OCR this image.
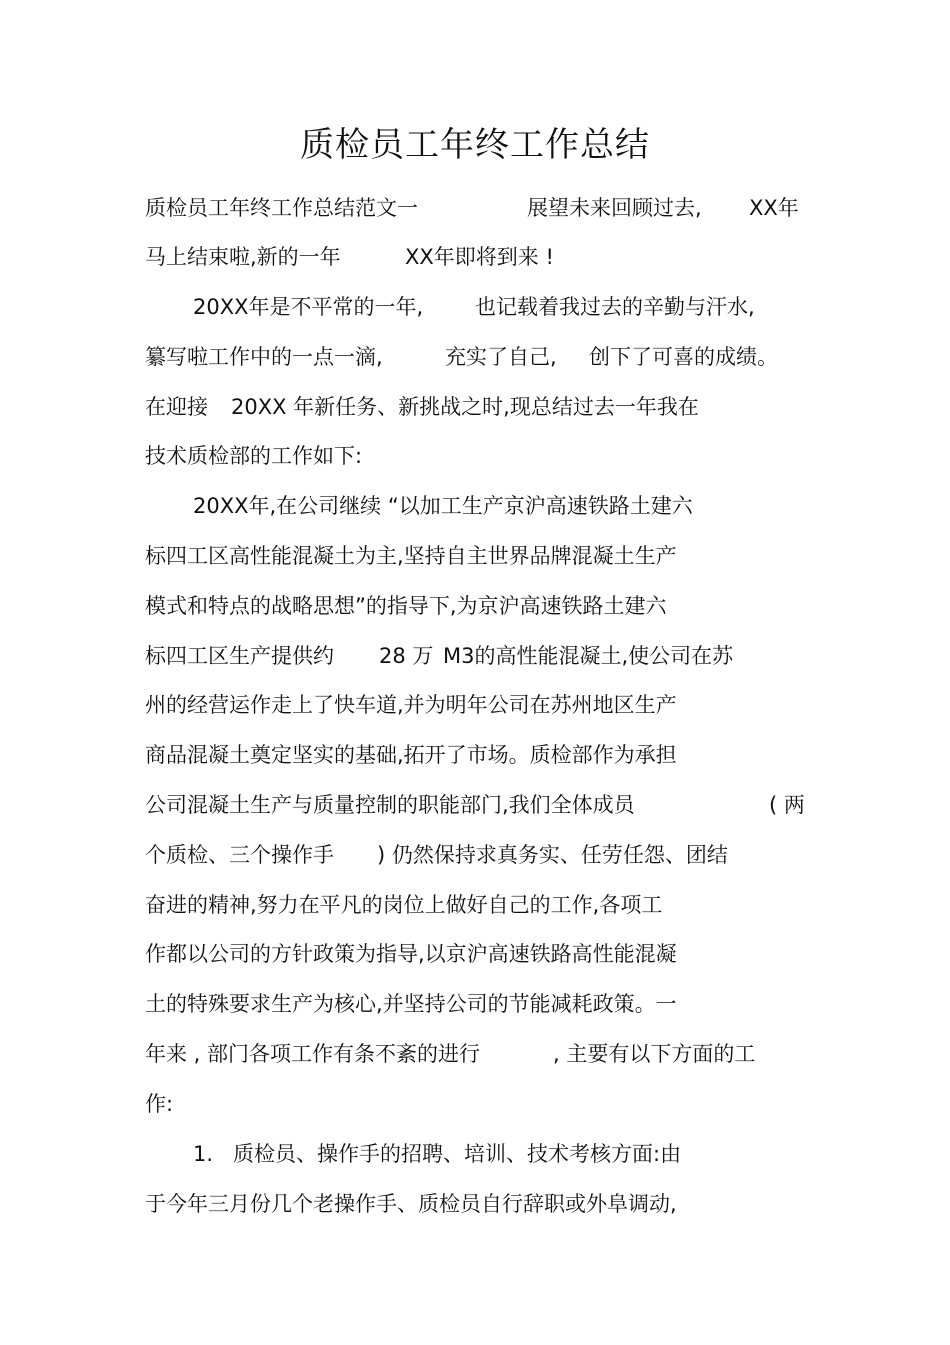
质检员工年终工作总结
质检员工年终工作总结范文一	展望未来回顾过去, XX年
马上结束啦,新的一年	XX年即将到来 !
20XX年是不平常的一年, 也记载着我过去的辛勤与汗水,
纂写啦工作中的一点一滴,	充实了自己, 创下了可喜的成绩。
在迎接 20XX 年新任务、新挑战之时,现总结过去一年我在
技术质检部的工作如下:
20XX年,在公司继续 “以加工生产京沪高速铁路土建六
标四工区高性能混凝土为主,坚持自主世界品牌混凝土生产
模式和特点的战略思想”的指导下,为京沪高速铁路土建六
标四工区生产提供约 28 万 M3的高性能混凝土,使公司在苏
州的经营运作走上了快车道,并为明年公司在苏州地区生产
商品混凝土奠定坚实的基础,拓开了市场。质检部作为承担
公司混凝土生产与质量控制的职能部门,我们全体成员	( 两
个质检、三个操作手 ) 仍然保持求真务实、任劳任怨、团结
奋进的精神,努力在平凡的岗位上做好自己的工作,各项工
作都以公司的方针政策为指导,以京沪高速铁路高性能混凝
土的特殊要求生产为核心,并坚持公司的节能减耗政策。一
年来 , 部门各项工作有条不紊的进行	, 主要有以下方面的工
作:
1. 质检员、操作手的招聘、培训、技术考核方面:由
于今年三月份几个老操作手、质检员自行辞职或外阜调动,
